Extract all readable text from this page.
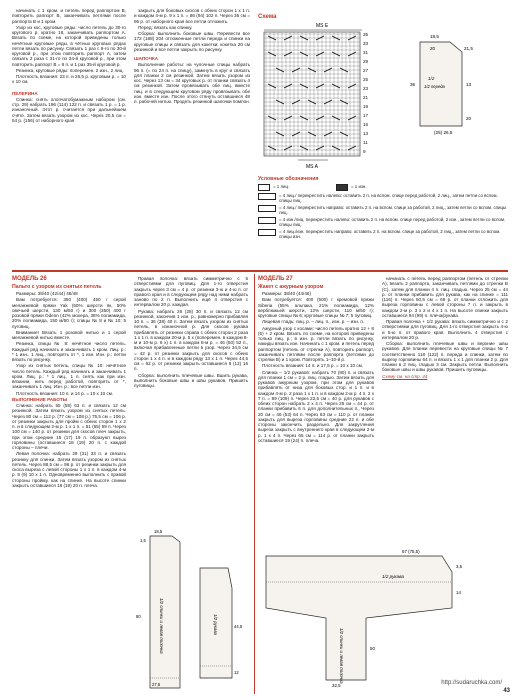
начинать с 1 кром. и петель перед раппортом В, повторить раппорт В, заканчивать петлями после раппорта В и 1 кром.

Узор из кос, круговые ряды: число петель до 30-го кругового р. кратно 16, заканчивать раппортом А. Вязать по схеме, на которой приведены только нечётные круговые ряды, в чётных круговых рядах петли вязать по рисунку. Связать 1 раз с 9-го по 30-й круговой р., при этом повторить раппорт А, затем связать 2 раза с 31-го по 34-й круговой р., при этом повторить раппорт В = 8 п. и 1 раз 35-й круговой р.

Резинка, круговые ряды: поперемен. 2 изн., 2 лиц.

Плотность вязания: 23 п. и 26,5 р. круговым р. = 10 х 10 см.

ПЕЛЕРИНА

Спинка: снять хлопчатобумажным набором (см. стр. 29) набрать 196 (114) 122 п. и связать 1 р. = 1 р. изнаночный. Этот р. считается при дальнейшем счёте. Затем вязать узором из кос. Через 20,5 см = 54 р. (156) от наборного края

закрыть для боковых скосов с обеих сторон 1 х 1 п. и каждом 4-м р. 9 х 1 п. = 86 (94) 102 п. Через 36 см = 96 р. от наборного края все петли отложить.

Перед: вязать как спинку.

Сборка: выполнить боковые швы. Перевести все 172 (188) 204 отложенные петли переда и спинки на круговые спицы и связать для кокетки: кокетка 20 см резинкой и все петли закрыть по рисунку.

ШАПОЧКА

Выполнение работы: на чулочные спицы набрать 96 п. (= по 24 п. на спицу), замкнуть в круг и связать для планки 2 см резинкой. Затем вязать узором из кос. Через 13 см = 34 круговых р. от планки связать 4 см резинкой. Затем провязывать обе лиц. вместе лиц. и в следующем круговом ряду провязывать обе изн. вместе изн. После этого стянуть оставшиеся 48 п. рабочей нитью. Продеть резинкой шапочки помпон.

Схема
MS E
35
33
31
29
27
25
23
21
19
17
15
13
11
9
MS A
18,5
20	21,5
1/2
1/2 переда
36	13
20
(25) 26,5
Условные обозначения
= 1 лиц.	= 1 изн.
= 4 лиц./ перекрестить налево: оставить 2 п. на вспом. спице перед работой, 2 лиц., затем петли со вспом. спицы лиц.
= 4 лиц./ перекрестить направо: оставить 2 п. на вспом. спице за работой, 2 лиц., затем петли со вспом. спицы лиц.
= 4 изн./лиц. перекрестить налево: оставить 2 п. на вспом. спице перед работой, 2 изн., затем петли со вспом. спицы лиц.
= 4 лиц./изн. перекрестить направо: оставить 2 п. на вспом. спице за работой, 2 лиц., затем петли со вспом. спицы изн.

МОДЕЛЬ 26

Пальто с узором из снятых петель

Размеры: 38/40 (42/44) 46/48

Вам потребуется: 350 (400) 450 г серой меланжевой пряжи Yak (50% шерсти як, 50% овечьей шерсти, 130 м/50 г) и 300 (350) 400 г розовой пряжи Odeon (42% мохера, 38% полиамида, 20% полиамида, 150 м/50 г); спицы № 8 и № 10; 5 пуговиц.

Внимание! Вязать 1 розовой нитью и 1 серой меланжевой нитью вместе.

Резинка, спицы № 8: нечётное число петель. Каждый ряд начинать и заканчивать 1 кром. Лиц. р.: * 1 изн., 1 лиц., повторять от *, 1 изн. Изн. р.: петли вязать по рисунку.

Узор из снятых петель, спицы № 10: нечётное число петель. Каждый ряд начинать и заканчивать 1 кром. Лиц. р.: * 1 лиц., 1 п. снять как при изн. вязании, нить перед работой, повторять от *, заканчивать 1 лиц. Изн. р.: все петли изн.

Плотность вязания: 10 п. и 14 р. = 10 х 10 см.

ВЫПОЛНЕНИЕ РАБОТЫ

Спинка: набрать 55 (59) 63 п. и связать 12 см резинкой. Затем вязать узором из снятых петель. Через 80 см = 112 р. (77 см = 108 р.) 75,5 см = 106 р. от резинки закрыть для пройм с обеих сторон 1 х 2 п. и в следующем 2-м р. 1 х 1 п. = 51 (55) 59 п. Через 100 см = 140 р. от резинки для скосов плеч закрыть, при этом средние 15 (17) 19 п. образуют вырез горловины (оставшиеся 18 (19) 20 п. с каждой стороны – плечи.

Левая полочка: набрать 29 (31) 33 п. и связать резинку для спинки. Затем вязать узором из снятых петель. Через 88,5 см = 96 р. от резинки закрыть для скоса выреза с левой стороны 1 х 1 п. в каждом 4-м р. 8 (9) 10 х 1 п. Одновременно выполнить с правой стороны пройму, как на спинке. На высоте спинки закрыть оставшиеся 18 (19) 20 п. плеча.

Правая полочка: вязать симметрично с 5 отверстиями для пуговиц. Для 1-го отверстия закрыть через 3 см = 4 р. от резинки 3-ю и 4-ю п. от правого края и в следующем ряду над ними набрать заново по 2 п. Выполнить ещё 4 отверстия с интервалом 20 р. каждая.

Рукава: набрать 26 (28) 30 п. и связать 12 см резинкой, закончив 1 изн. р., равномерно прибавляя 10 п. = 36 (38) 40 п. Затем вязать узором из снятых петель, в изнаночной р. Для скосов рукава прибавлять от резинки справа с обеих сторон 2 раза 1 х 1 п. в каждом 20-м р. 5 х (поперемен. в каждом 8-м и 10-м р. 6 х) 1 п. в каждом 8-м р. = 46 (50) 52 п., включая прибавленные петли в узор. Через 34,5 см = 42 р. от резинки закрыть для скосов с обеих сторон 1 х 4 п. и в каждом ряду 13 х 1 п. Через 44,5 см = 62 р. от резинки закрыть оставшиеся 8 (12) 16 п.

Сборка: выполнить плечевые швы. Вшить рукава, выполнить боковые швы и швы рукавов. Пришить пуговицы.

1/2 спинки и левая полочка	1/2 рукава
1,5
18,5
80
27,5
44,5
12

МОДЕЛЬ 27

Жакет с ажурным узором

Размеры: 38/40 (44/46)

Вам потребуется: 400 (500) г кремовой пряжи Siberia (55% альпака, 21% полиамида, 12% верблюжьей шерсти, 12% шерсти, 110 м/50 г); круговые спицы № 6; круговые спицы № 7; 5 пуговиц.

Лицевая гладь: лиц. р. – лиц. п., изн. р. – изн. п.

Ажурный узор с косами: число петель кратно 12 + 8 (6) + 2 кром. Вязать по схеме, на которой приведены только лиц. р.; в изн. р. петли вязать по рисунку, накиды вязать изн. Начинать с 1 кром. и петель перед раппортом (петель от стрелки А), повторить раппорт, заканчивать петлями после раппорта (петлями до стрелки В) и 1 кром. Повторять 1–10-й р.

Плотность вязания: 14 п. и 17,5 р. = 10 х 10 см.

Спинка – 1/2 рукавов: набрать 70 (80) п. и связать для планки 1 см = 2 р. лиц. гладью. Затем вязать для рукавов ажурным узором, при этом для рукавов прибавлять от низа для боковых стор. и 1 п. и в каждом 4-м р. 2 раза 1 х 1 п. и в каждом 2-м р. 4 п. 2 х 7 п. = 89 (109) п. Через 22,5 см = 40 р. для рукавов с обеих сторон набрать 2 х 4 п. Через 25 см = 44 р. от планки прибавить 6 п. для дополнительных п., Через 20 см = 46 (53) 64 п. Через 63 см = 110 р. от планки закрыть для выреза горловины средние 22 п. и обе стороны закончить раздельно. Для закругления выреза закрыть с внутреннего края в следующем 2-м р. 1 х 4 п. Через 65 см = 114 р. от планки закрыть оставшиеся 19 (24) п. плеча.

начинать с петель перед раппортом (петель от стрелки А), вязать 2 раппорта, заканчивать петлями до стрелки В (С), затем для планки 4 п. лиц. гладью. Через 25 см = 44 р. от планки прибавить для рукава, как на спинке = 111 (116) п. Через 50,5 см = 69 р. от планки отложить для выреза горловины с левой стороны 7 п. и закрыть в каждом 2-м р. 3 х 2 и 4 х 1 п. На высоте спинки закрыть оставшиеся 94 (99) п. плеча/рукава.

Правая полочка + 1/2 рукава: вязать симметрично и с 2 отверстиями для пуговиц. Для 1-го отверстия закрыть 4-ю и 5-ю п. от правого края. Выполнить 4 отверстия с интервалом 20 р.

Сборка: выполнить плечевые швы и верхние швы рукавов. Для планки перевести на круговые спицы № 7 соответственно 118 (122) п. переда и спинки, затем по вырезу горловины 64 п. и вязать 1 х 1 для планки 2 р. Для планки в 2 лиц. гладью 3 см. Закрыть петли. Выполнить боковые швы и швы рукавов. Пришить пуговицы.

Схему см. на стр. 44

1/2 рукава
1/2 спинки и левая полочка
67 (75,5)
3,5
14
50
32,5	http://sudaruchka.com/
43
